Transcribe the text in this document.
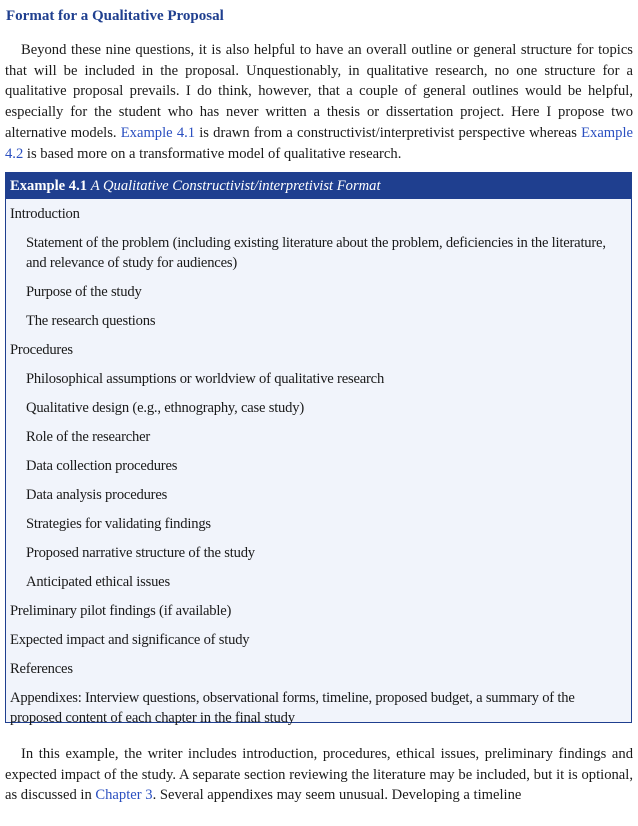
Format for a Qualitative Proposal

Beyond these nine questions, it is also helpful to have an overall outline or general structure for topics that will be included in the proposal. Unquestionably, in qualitative research, no one structure for a qualitative proposal prevails. I do think, however, that a couple of general outlines would be helpful, especially for the student who has never written a thesis or dissertation project. Here I propose two alternative models. Example 4.1 is drawn from a constructivist/interpretivist perspective whereas Example 4.2 is based more on a transformative model of qualitative research.

Example 4.1 A Qualitative Constructivist/interpretivist Format
Introduction
Statement of the problem (including existing literature about the problem, deficiencies in the literature, and relevance of study for audiences)
Purpose of the study
The research questions
Procedures
Philosophical assumptions or worldview of qualitative research
Qualitative design (e.g., ethnography, case study)
Role of the researcher
Data collection procedures
Data analysis procedures
Strategies for validating findings
Proposed narrative structure of the study
Anticipated ethical issues
Preliminary pilot findings (if available)
Expected impact and significance of study
References
Appendixes: Interview questions, observational forms, timeline, proposed budget, a summary of the proposed content of each chapter in the final study

In this example, the writer includes introduction, procedures, ethical issues, preliminary findings and expected impact of the study. A separate section reviewing the literature may be included, but it is optional, as discussed in Chapter 3. Several appendixes may seem unusual. Developing a timeline
